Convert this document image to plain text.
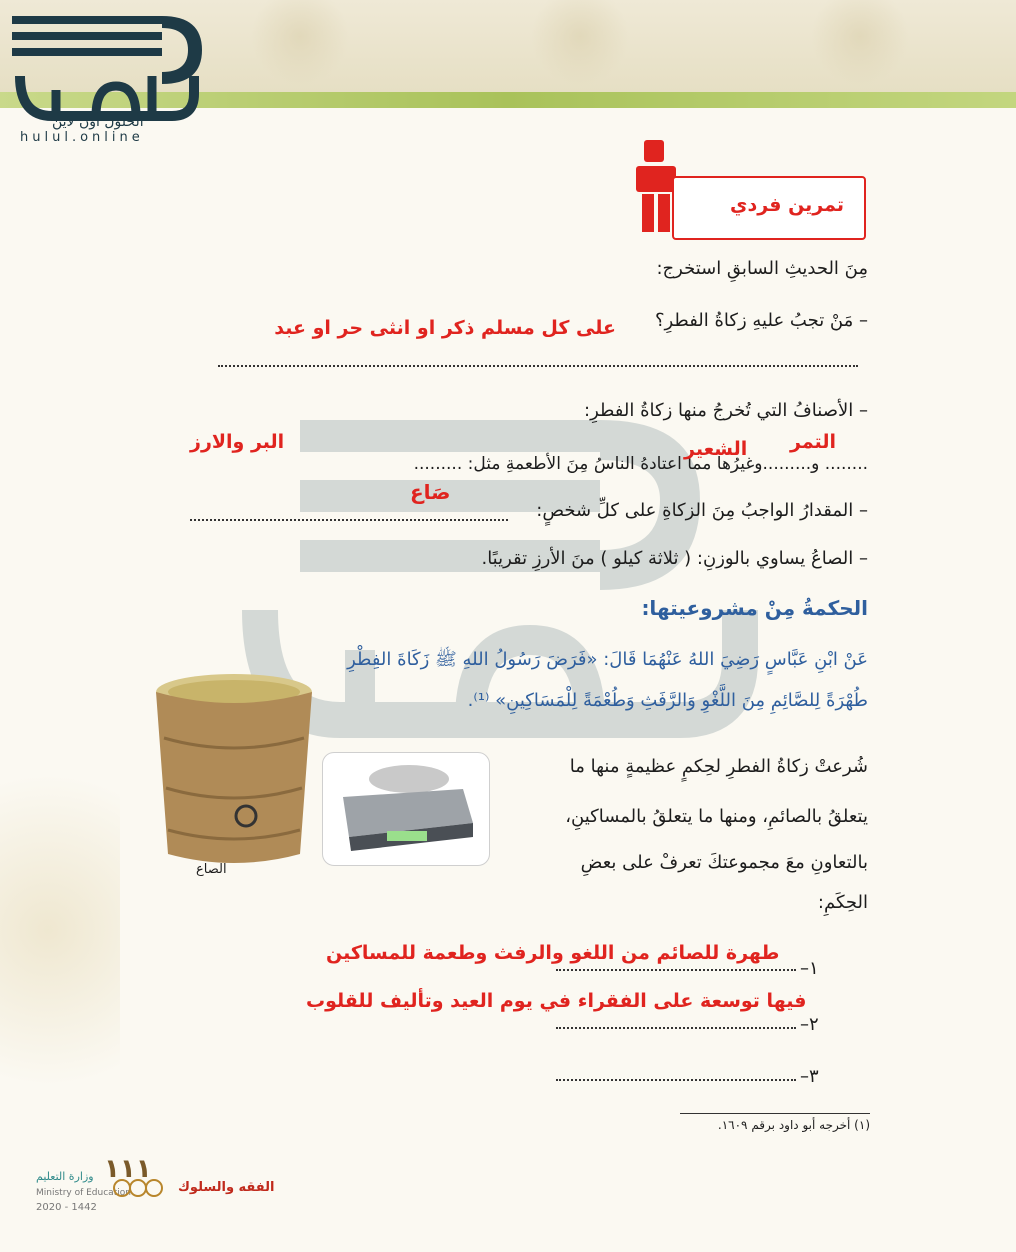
الحلول اون لاين
hulul.online
تمرين فردي
مِنَ الحديثِ السابقِ استخرج:
– مَنْ تجبُ عليهِ زكاةُ الفطرِ؟
على كل مسلم ذكر او انثى حر او عبد
– الأصنافُ التي تُخرجُ منها زكاةُ الفطرِ:
........ و.........وغيرُها مما اعتادهُ الناسُ مِنَ الأطعمةِ مثل: .........
التمر
الشعير
البر والارز
– المقدارُ الواجبُ مِنَ الزكاةِ على كلِّ شخصٍ:
صَاع
– الصاعُ يساوي بالوزنِ: ( ثلاثة كيلو ) منَ الأرزِ تقريبًا.
الحكمةُ مِنْ مشروعيتها:
عَنْ ابْنِ عَبَّاسٍ رَضِيَ اللهُ عَنْهُمَا قَالَ: «فَرَضَ رَسُولُ اللهِ ﷺ زَكَاةَ الفِطْرِ
طُهْرَةً لِلصَّائِمِ مِنَ اللَّغْوِ وَالرَّفَثِ وَطُعْمَةً لِلْمَسَاكِينِ» ⁽¹⁾.
شُرعتْ زكاةُ الفطرِ لحِكمٍ عظيمةٍ منها ما
يتعلقُ بالصائمِ، ومنها ما يتعلقُ بالمساكينِ،
بالتعاونِ معَ مجموعتكَ تعرفْ على بعضِ
الحِكَمِ:
الصاع
١–
طهرة للصائم من اللغو والرفث وطعمة للمساكين
٢–
فيها توسعة على الفقراء في يوم العيد وتأليف للقلوب
٣–
(١) أخرجه أبو داود برقم ١٦٠٩.
١١١
الفقه والسلوك
وزارة التعليم
Ministry of Education
2020 - 1442
